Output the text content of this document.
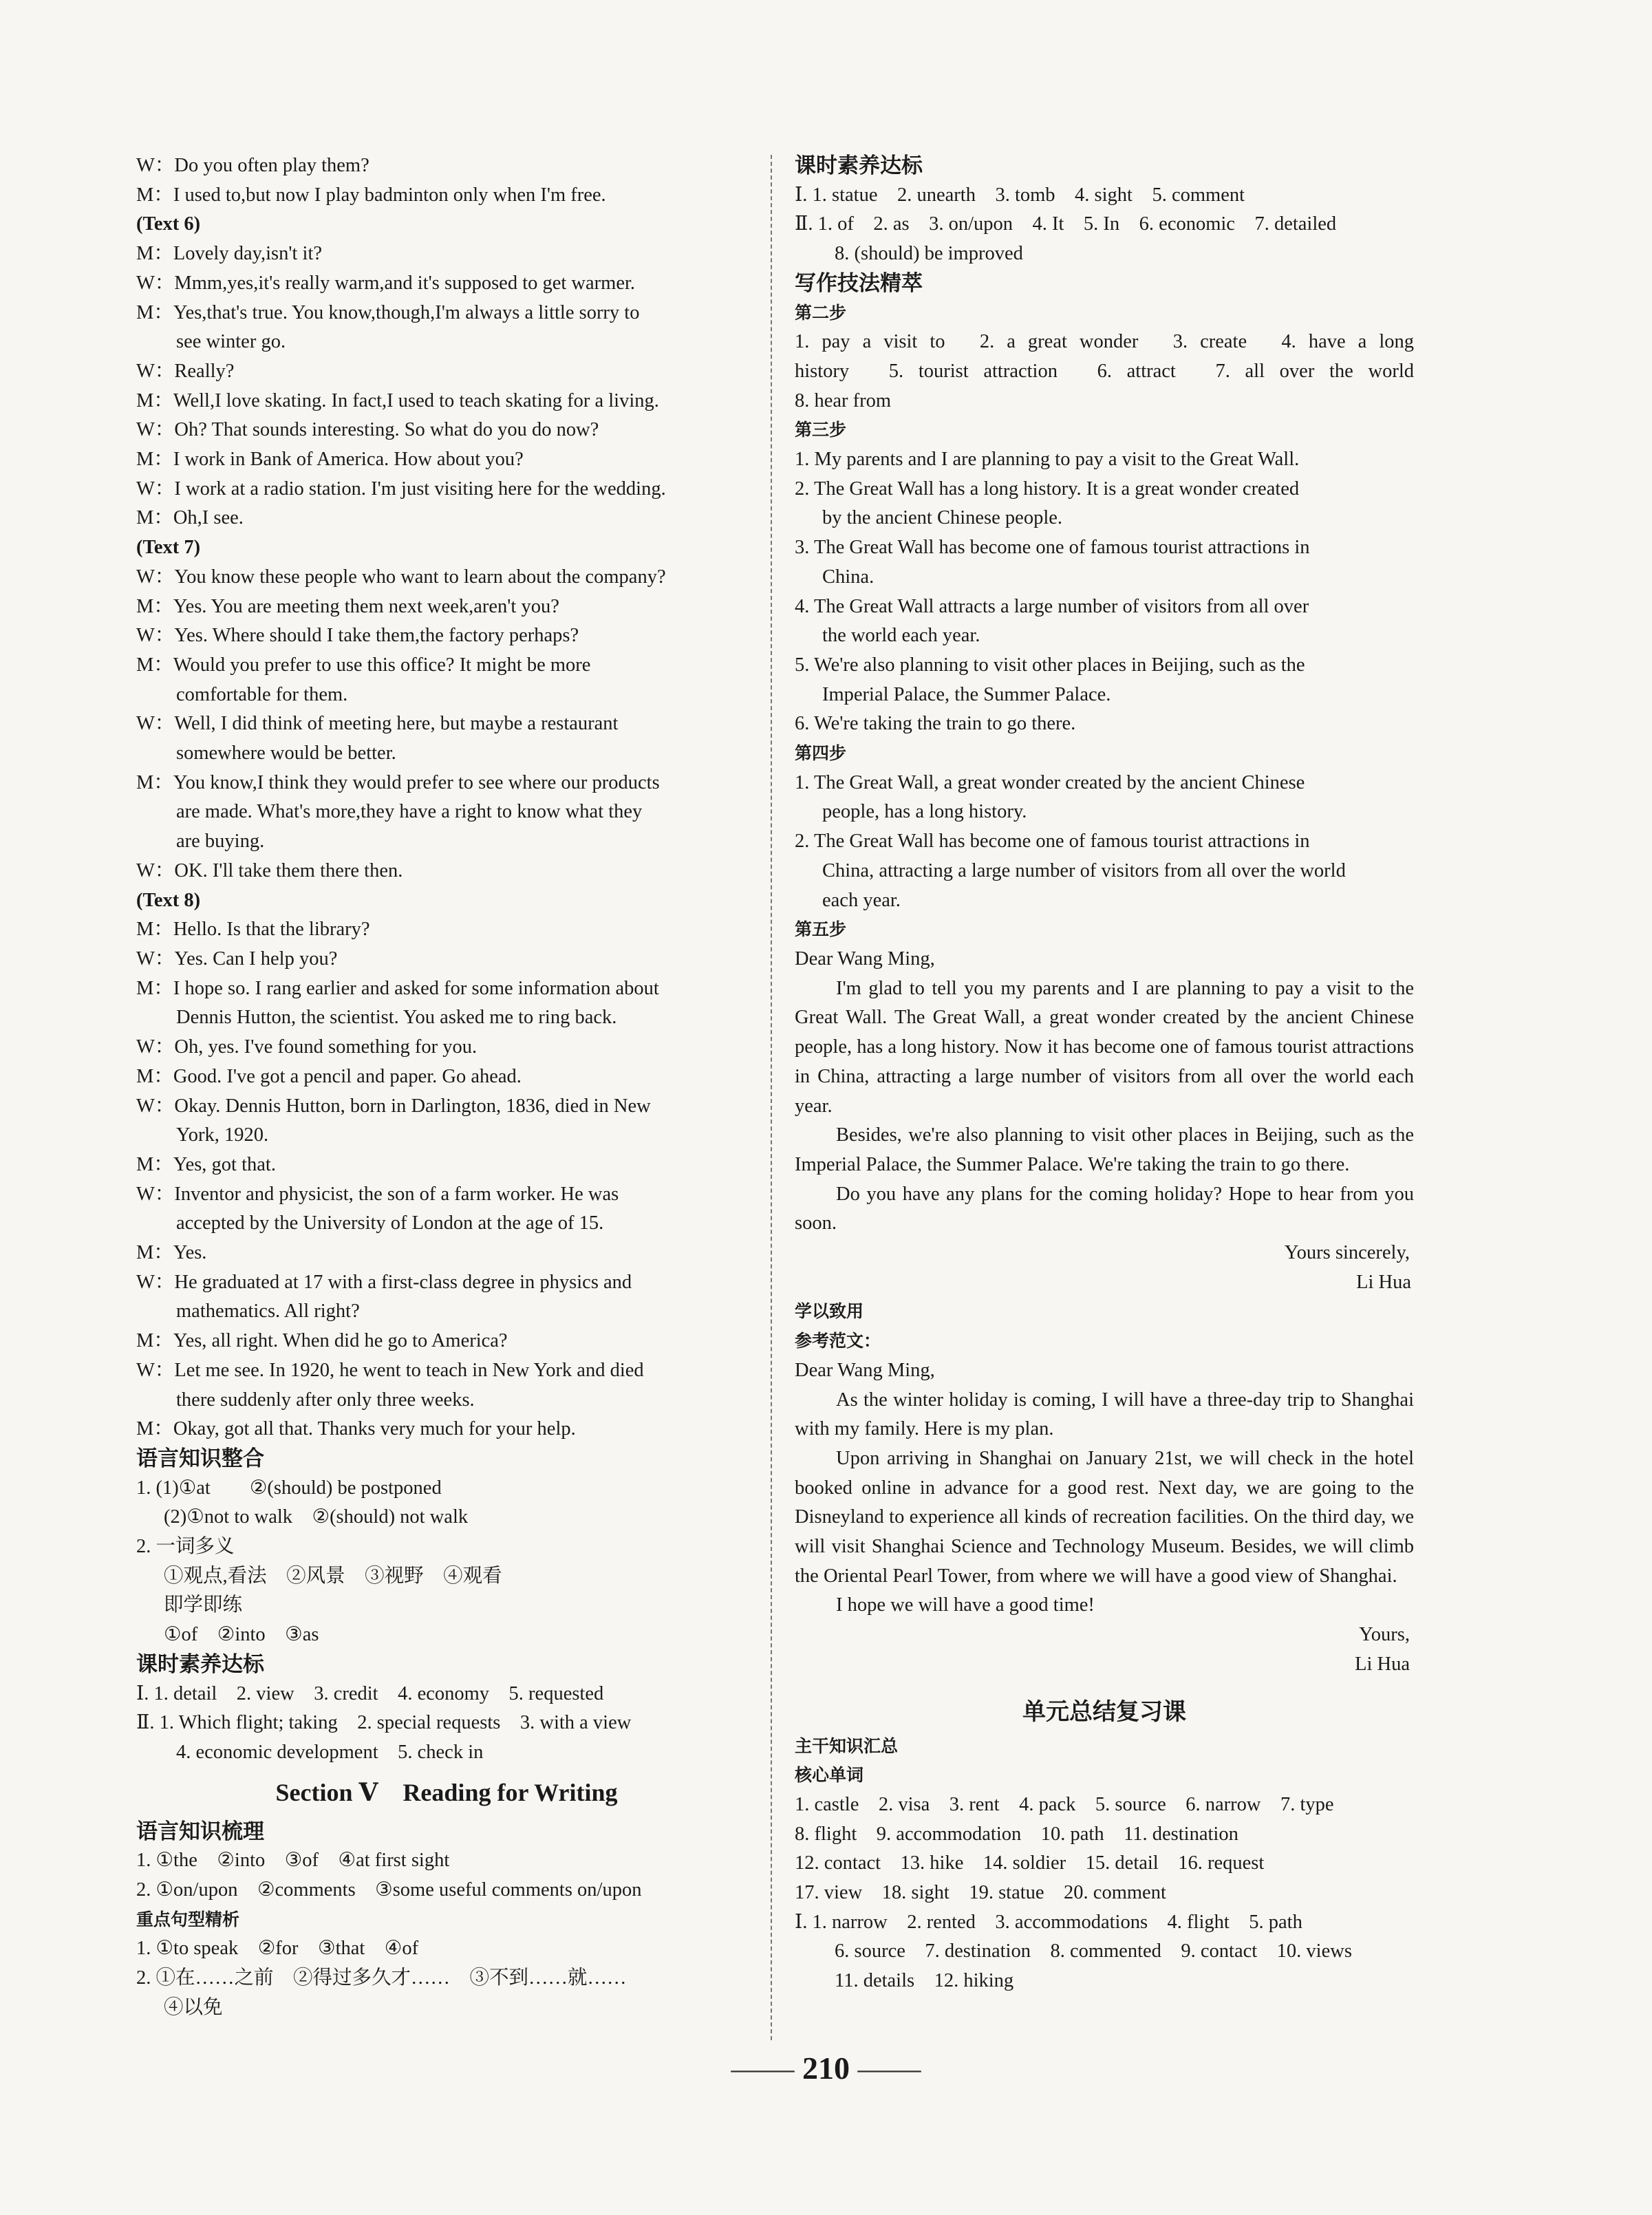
W：Do you often play them?
M：I used to,but now I play badminton only when I'm free.
(Text 6)
M：Lovely day,isn't it?
W：Mmm,yes,it's really warm,and it's supposed to get warmer.
M：Yes,that's true. You know,though,I'm always a little sorry to
see winter go.
W：Really?
M：Well,I love skating. In fact,I used to teach skating for a living.
W：Oh? That sounds interesting. So what do you do now?
M：I work in Bank of America. How about you?
W：I work at a radio station. I'm just visiting here for the wedding.
M：Oh,I see.
(Text 7)
W：You know these people who want to learn about the company?
M：Yes. You are meeting them next week,aren't you?
W：Yes. Where should I take them,the factory perhaps?
M：Would you prefer to use this office? It might be more
comfortable for them.
W：Well, I did think of meeting here, but maybe a restaurant
somewhere would be better.
M：You know,I think they would prefer to see where our products
are made. What's more,they have a right to know what they
are buying.
W：OK. I'll take them there then.
(Text 8)
M：Hello. Is that the library?
W：Yes. Can I help you?
M：I hope so. I rang earlier and asked for some information about
Dennis Hutton, the scientist. You asked me to ring back.
W：Oh, yes. I've found something for you.
M：Good. I've got a pencil and paper. Go ahead.
W：Okay. Dennis Hutton, born in Darlington, 1836, died in New
York, 1920.
M：Yes, got that.
W：Inventor and physicist, the son of a farm worker. He was
accepted by the University of London at the age of 15.
M：Yes.
W：He graduated at 17 with a first-class degree in physics and
mathematics. All right?
M：Yes, all right. When did he go to America?
W：Let me see. In 1920, he went to teach in New York and died
there suddenly after only three weeks.
M：Okay, got all that. Thanks very much for your help.
语言知识整合
1. (1)①at　　②(should) be postponed
(2)①not to walk　②(should) not walk
2. 一词多义
①观点,看法　②风景　③视野　④观看
即学即练
①of　②into　③as
课时素养达标
Ⅰ. 1. detail　2. view　3. credit　4. economy　5. requested
Ⅱ. 1. Which flight; taking　2. special requests　3. with a view
4. economic development　5. check in
Section Ⅴ　Reading for Writing
语言知识梳理
1. ①the　②into　③of　④at first sight
2. ①on/upon　②comments　③some useful comments on/upon
重点句型精析
1. ①to speak　②for　③that　④of
2. ①在……之前　②得过多久才……　③不到……就……
④以免
课时素养达标
Ⅰ. 1. statue　2. unearth　3. tomb　4. sight　5. comment
Ⅱ. 1. of　2. as　3. on/upon　4. It　5. In　6. economic　7. detailed
8. (should) be improved
写作技法精萃
第二步
1. pay a visit to　2. a great wonder　3. create　4. have a long
history　5. tourist attraction　6. attract　7. all over the world
8. hear from
第三步
1. My parents and I are planning to pay a visit to the Great Wall.
2. The Great Wall has a long history. It is a great wonder created
by the ancient Chinese people.
3. The Great Wall has become one of famous tourist attractions in
China.
4. The Great Wall attracts a large number of visitors from all over
the world each year.
5. We're also planning to visit other places in Beijing, such as the
Imperial Palace, the Summer Palace.
6. We're taking the train to go there.
第四步
1. The Great Wall, a great wonder created by the ancient Chinese
people, has a long history.
2. The Great Wall has become one of famous tourist attractions in
China, attracting a large number of visitors from all over the world
each year.
第五步
Dear Wang Ming,
I'm glad to tell you my parents and I are planning to pay a visit to the Great Wall. The Great Wall, a great wonder created by the ancient Chinese people, has a long history. Now it has become one of famous tourist attractions in China, attracting a large number of visitors from all over the world each year.
Besides, we're also planning to visit other places in Beijing, such as the Imperial Palace, the Summer Palace. We're taking the train to go there.
Do you have any plans for the coming holiday? Hope to hear from you soon.
Yours sincerely,
Li Hua
学以致用
参考范文：
Dear Wang Ming,
As the winter holiday is coming, I will have a three-day trip to Shanghai with my family. Here is my plan.
Upon arriving in Shanghai on January 21st, we will check in the hotel booked online in advance for a good rest. Next day, we are going to the Disneyland to experience all kinds of recreation facilities. On the third day, we will visit Shanghai Science and Technology Museum. Besides, we will climb the Oriental Pearl Tower, from where we will have a good view of Shanghai.
I hope we will have a good time!
Yours,
Li Hua
单元总结复习课
主干知识汇总
核心单词
1. castle　2. visa　3. rent　4. pack　5. source　6. narrow　7. type
8. flight　9. accommodation　10. path　11. destination
12. contact　13. hike　14. soldier　15. detail　16. request
17. view　18. sight　19. statue　20. comment
Ⅰ. 1. narrow　2. rented　3. accommodations　4. flight　5. path
6. source　7. destination　8. commented　9. contact　10. views
11. details　12. hiking
—— 210 ——
